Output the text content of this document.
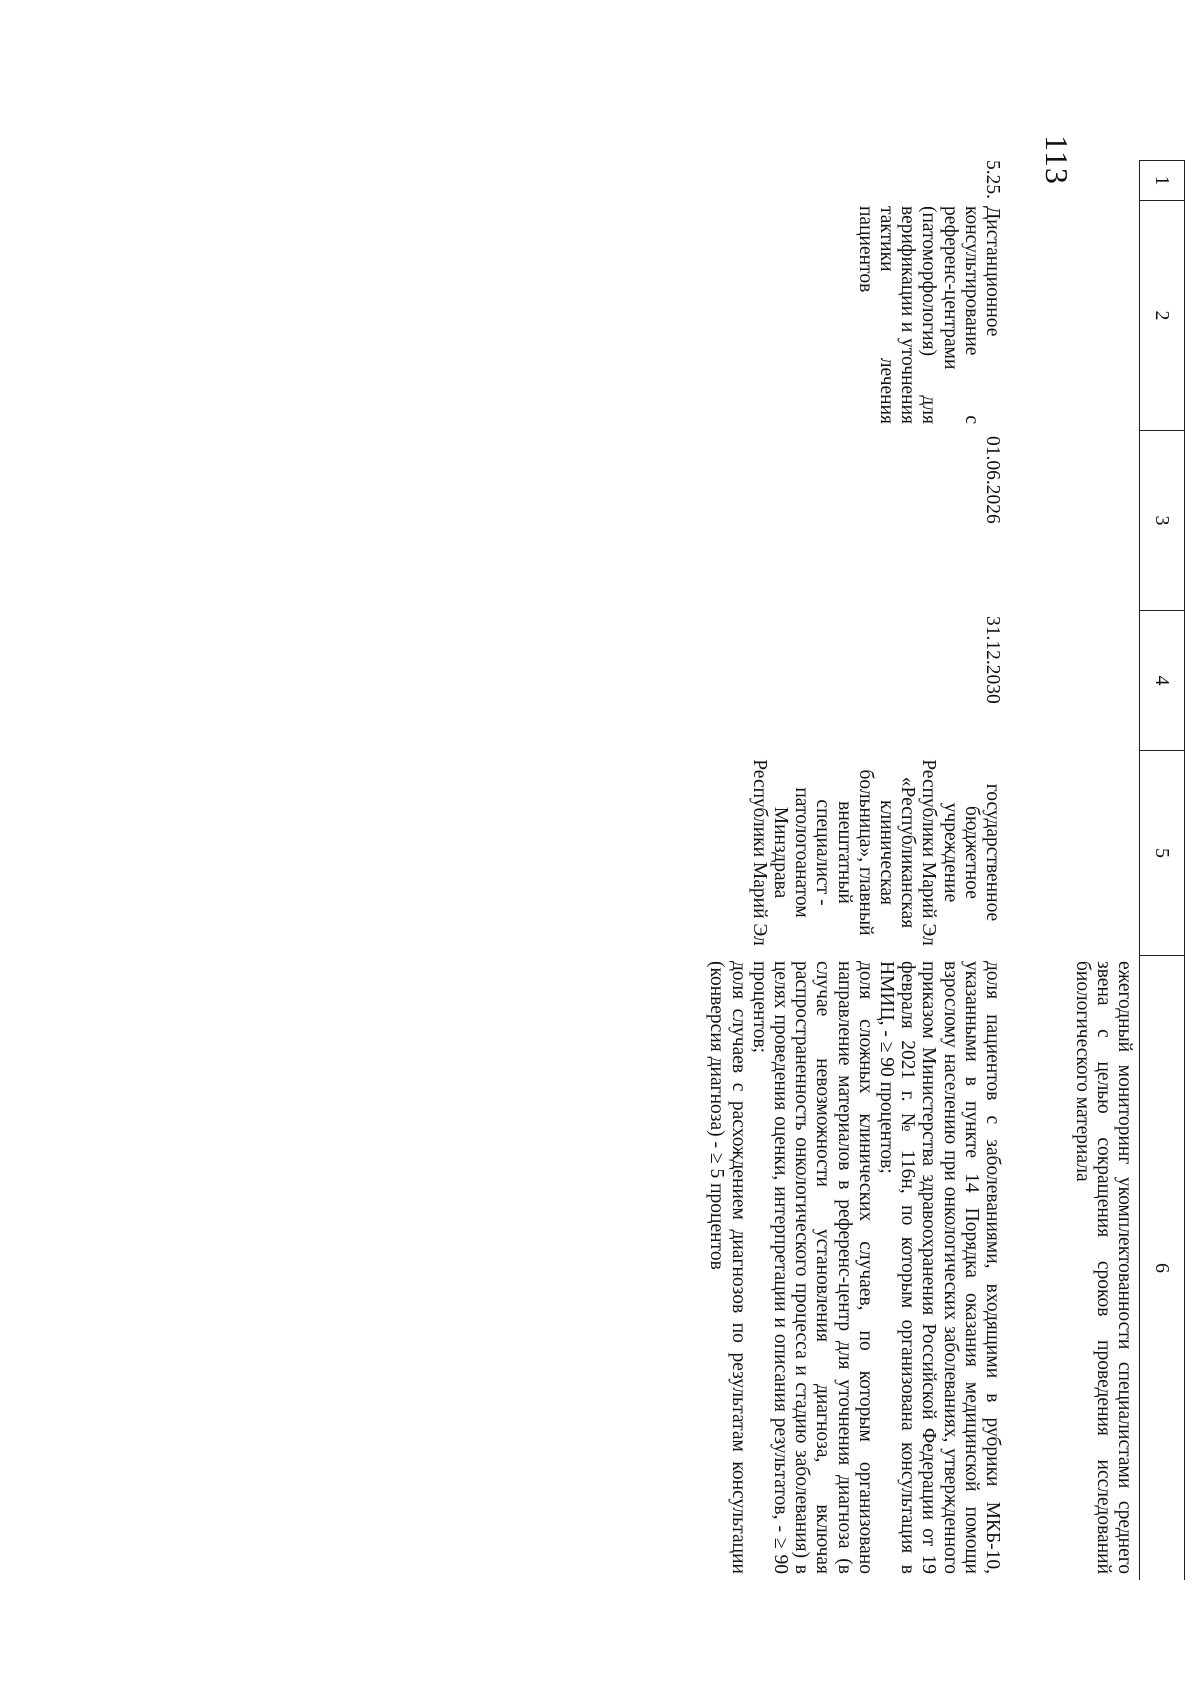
113	1
2
3
4
5
6
ежегодный мониторинг укомплектованности специалистами среднего звена с целью сокращения сроков проведения исследований биологического материала
5.25.
Дистанционное консультирование с референс-центрами (патоморфология) для верификации и уточнения тактики лечения пациентов
01.06.2026
31.12.2030
государственное бюджетное учреждение Республики Марий Эл «Республиканская клиническая больница», главный внештатный специалист - патологоанатом Минздрава Республики Марий Эл

доля пациентов с заболеваниями, входящими в рубрики МКБ-10, указанными в пункте 14 Порядка оказания медицинской помощи взрослому населению при онкологических заболеваниях, утвержденного приказом Министерства здравоохранения Российской Федерации от 19 февраля 2021 г. № 116н, по которым организована консультация в НМИЦ, - ≥ 90 процентов;

доля сложных клинических случаев, по которым организовано направление материалов в референс-центр для уточнения диагноза (в случае невозможности установления диагноза, включая распространенность онкологического процесса и стадию заболевания) в целях проведения оценки, интерпретации и описания результатов, - ≥ 90 процентов;

доля случаев с расхождением диагнозов по результатам консультации (конверсия диагноза) - ≥ 5 процентов
